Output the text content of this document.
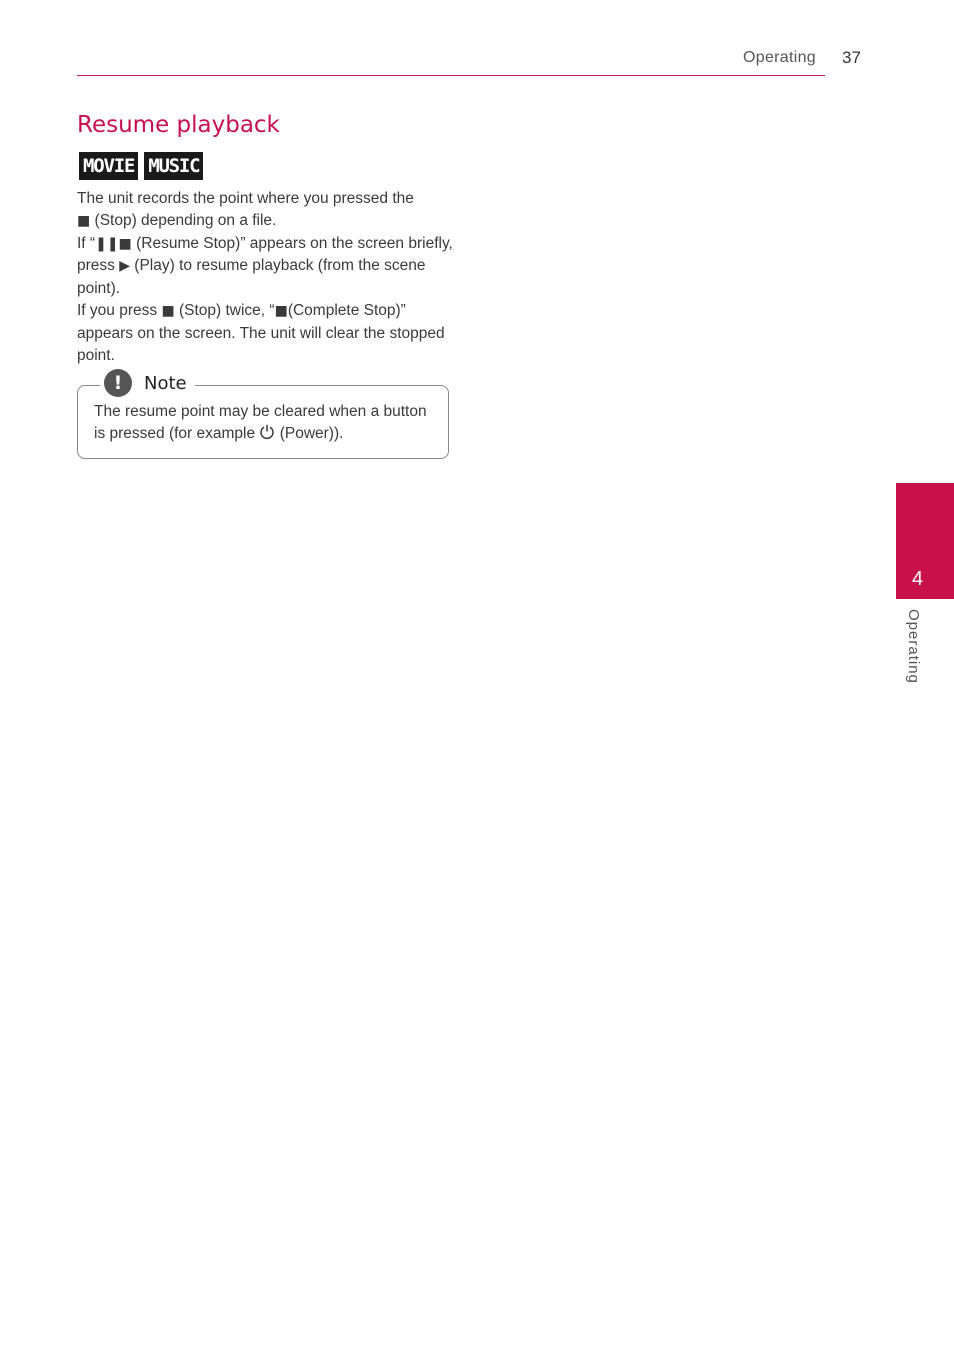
Operating 37
Resume playback
MOVIE MUSIC

The unit records the point where you pressed the
■ (Stop) depending on a file.

If “❚❚■ (Resume Stop)” appears on the screen briefly, press ▶ (Play) to resume playback (from the scene point).

If you press ■ (Stop) twice, “■(Complete Stop)” appears on the screen. The unit will clear the stopped point.

!	Note
The resume point may be cleared when a button is pressed (for example  (Power)).
4
Operating
